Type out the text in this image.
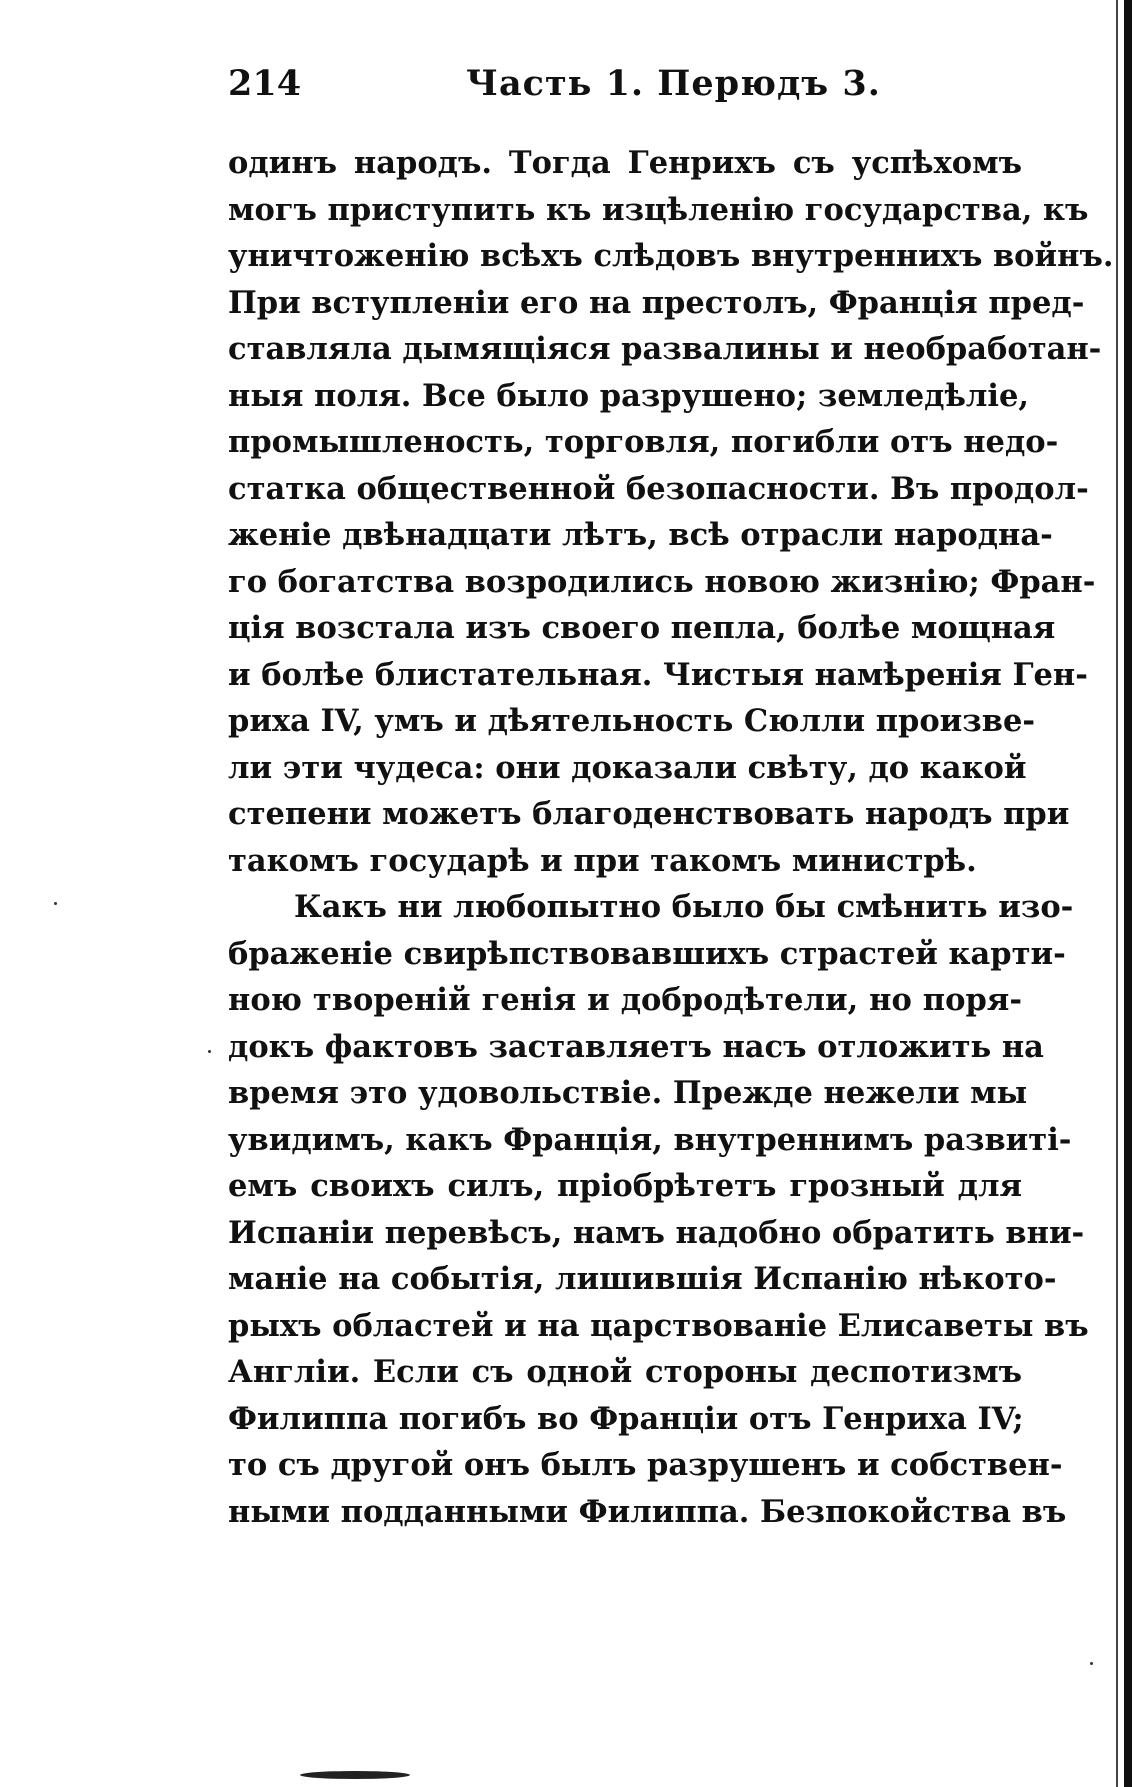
214	Часть 1. Перюдъ 3.
одинъ народъ. Тогда Генрихъ съ успѣхомъ
могъ приступить къ изцѣленію государства, къ
уничтоженію всѣхъ слѣдовъ внутреннихъ войнъ.
При вступленіи его на престолъ, Франція пред-
ставляла дымящіяся развалины и необработан-
ныя поля. Все было разрушено; земледѣліе,
промышленость, торговля, погибли отъ недо-
статка общественной безопасности. Въ продол-
женіе двѣнадцати лѣтъ, всѣ отрасли народна-
го богатства возродились новою жизнію; Фран-
ція возстала изъ своего пепла, болѣе мощная
и болѣе блистательная. Чистыя намѣренія Ген-
риха IV, умъ и дѣятельность Сюлли произве-
ли эти чудеса: они доказали свѣту, до какой
степени можетъ благоденствовать народъ при
такомъ государѣ и при такомъ министрѣ.
Какъ ни любопытно было бы смѣнить изо-
браженіе свирѣпствовавшихъ страстей карти-
ною твореній генія и добродѣтели, но поря-
докъ фактовъ заставляетъ насъ отложить на
время это удовольствіе. Прежде нежели мы
увидимъ, какъ Франція, внутреннимъ развиті-
емъ своихъ силъ, пріобрѣтетъ грозный для
Испаніи перевѣсъ, намъ надобно обратить вни-
маніе на событія, лишившія Испанію нѣкото-
рыхъ областей и на царствованіе Елисаветы въ
Англіи. Если съ одной стороны деспотизмъ
Филиппа погибъ во Франціи отъ Генриха IV;
то съ другой онъ былъ разрушенъ и собствен-
ными подданными Филиппа. Безпокойства въ
